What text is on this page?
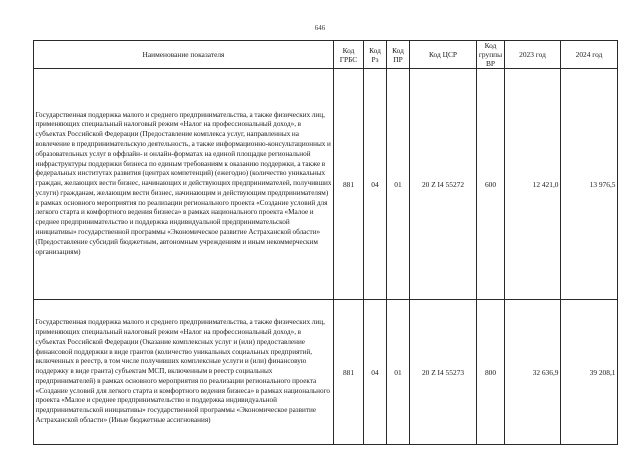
646
Наименование показателя	Код ГРБС	Код Рз	Код ПР	Код ЦСР	Код группы ВР	2023 год	2024 год
Государственная поддержка малого и среднего предпринимательства, а также физических лиц, применяющих специальный налоговый режим «Налог на профессиональный доход», в субъектах Российской Федерации (Предоставление комплекса услуг, направленных на вовлечение в предпринимательскую деятельность, а также информационно-консультационных и образовательных услуг в оффлайн- и онлайн-форматах на единой площадке региональной инфраструктуры поддержки бизнеса по единым требованиям к оказанию поддержки, а также в федеральных институтах развития (центрах компетенций) (ежегодно) (количество уникальных граждан, желающих вести бизнес, начинающих и действующих предпринимателей, получивших услуги) гражданам, желающим вести бизнес, начинающим и действующим предпринимателям) в рамках основного мероприятия по реализации регионального проекта «Создание условий для легкого старта и комфортного ведения бизнеса» в рамках национального проекта «Малое и среднее предпринимательство и поддержка индивидуальной предпринимательской инициативы» государственной программы «Экономическое развитие Астраханской области» (Предоставление субсидий бюджетным, автономным учреждениям и иным некоммерческим организациям)	881	04	01	20 Z I4 55272	600	12 421,0	13 976,5
Государственная поддержка малого и среднего предпринимательства, а также физических лиц, применяющих специальный налоговый режим «Налог на профессиональный доход», в субъектах Российской Федерации (Оказание комплексных услуг и (или) предоставление финансовой поддержки в виде грантов (количество уникальных социальных предприятий, включенных в реестр, в том числе получивших комплексные услуги и (или) финансовую поддержку в виде гранта) субъектам МСП, включенным в реестр социальных предпринимателей) в рамках основного мероприятия по реализации регионального проекта «Создание условий для легкого старта и комфортного ведения бизнеса» в рамках национального проекта «Малое и среднее предпринимательство и поддержка индивидуальной предпринимательской инициативы» государственной программы «Экономическое развитие Астраханской области» (Иные бюджетные ассигнования)	881	04	01	20 Z I4 55273	800	32 636,9	39 208,1
